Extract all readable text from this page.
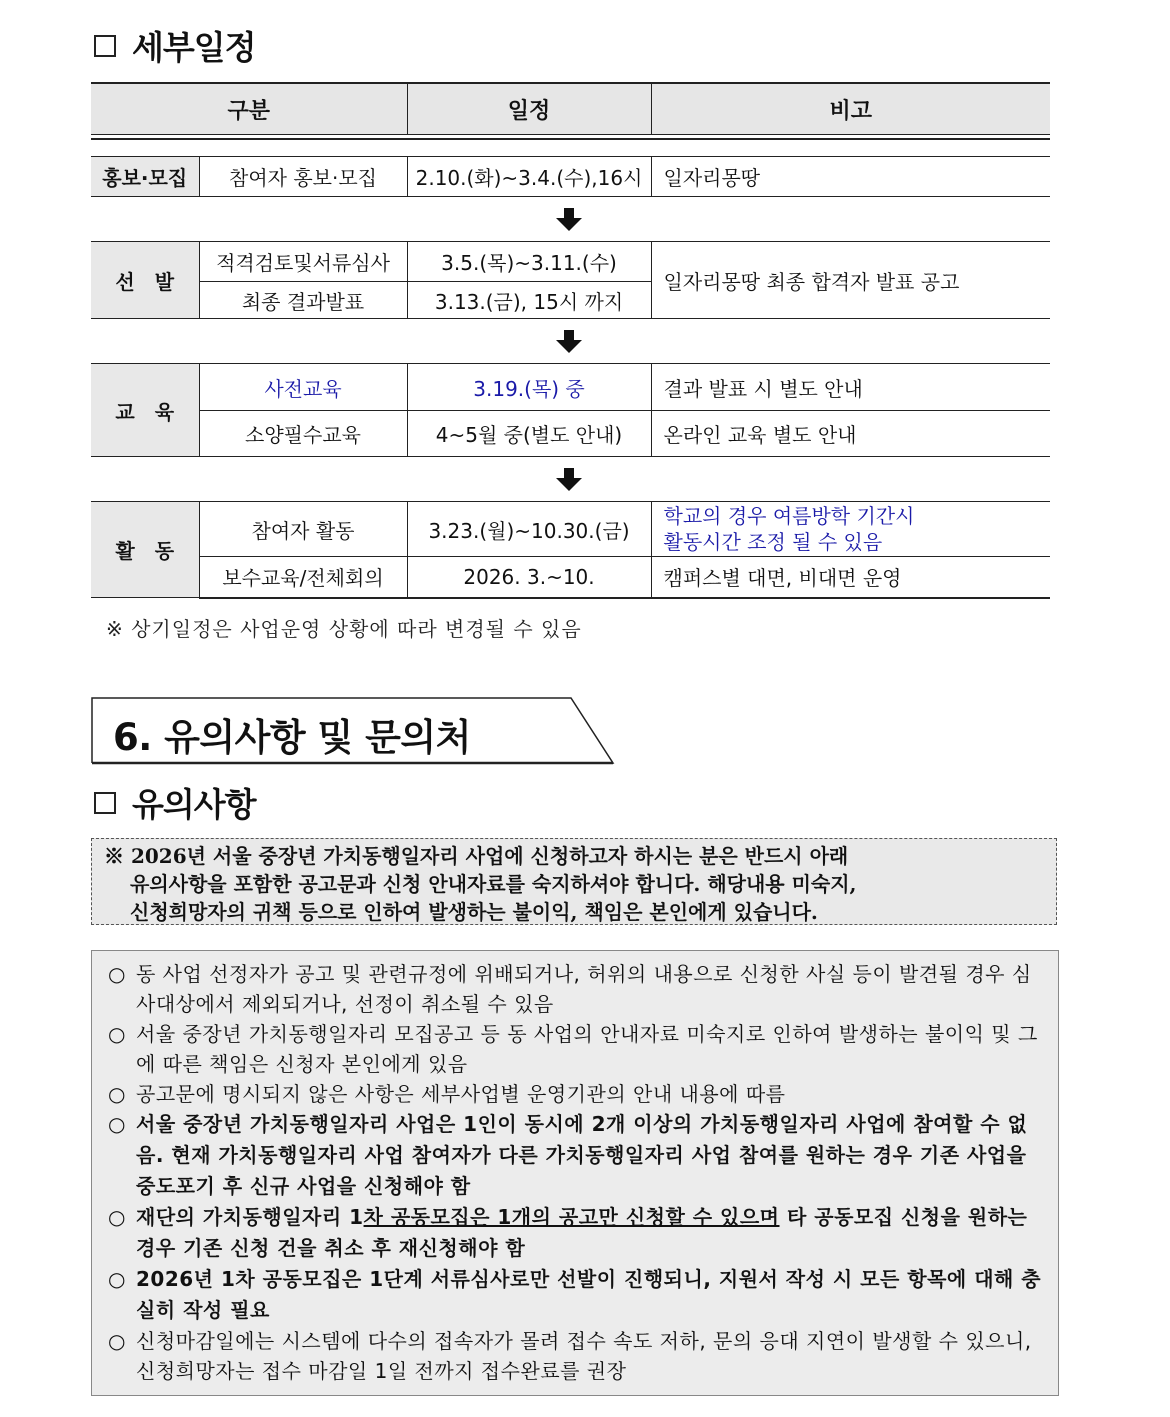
세부일정
구분		일정	비고

홍보·모집	참여자 홍보·모집	2.10.(화)~3.4.(수),16시	일자리몽땅

선　발	적격검토및서류심사	3.5.(목)~3.11.(수)	일자리몽땅 최종 합격자 발표 공고
	최종 결과발표	3.13.(금), 15시 까지	

교　육	사전교육	3.19.(목) 중	결과 발표 시 별도 안내
	소양필수교육	4~5월 중(별도 안내)	온라인 교육 별도 안내

활　동	참여자 활동	3.23.(월)~10.30.(금)	학교의 경우 여름방학 기간시
활동시간 조정 될 수 있음

	보수교육/전체회의	2026. 3.~10.	캠퍼스별 대면, 비대면 운영
※ 상기일정은 사업운영 상황에 따라 변경될 수 있음
6. 유의사항 및 문의처
유의사항
※ 2026년 서울 중장년 가치동행일자리 사업에 신청하고자 하시는 분은 반드시 아래
유의사항을 포함한 공고문과 신청 안내자료를 숙지하셔야 합니다. 해당내용 미숙지,
신청희망자의 귀책 등으로 인하여 발생하는 불이익, 책임은 본인에게 있습니다.
○ 동 사업 선정자가 공고 및 관련규정에 위배되거나, 허위의 내용으로 신청한 사실 등이 발견될 경우 심사대상에서 제외되거나, 선정이 취소될 수 있음
○ 서울 중장년 가치동행일자리 모집공고 등 동 사업의 안내자료 미숙지로 인하여 발생하는 불이익 및 그에 따른 책임은 신청자 본인에게 있음
○ 공고문에 명시되지 않은 사항은 세부사업별 운영기관의 안내 내용에 따름
○ 서울 중장년 가치동행일자리 사업은 1인이 동시에 2개 이상의 가치동행일자리 사업에 참여할 수 없음. 현재 가치동행일자리 사업 참여자가 다른 가치동행일자리 사업 참여를 원하는 경우 기존 사업을 중도포기 후 신규 사업을 신청해야 함
○ 재단의 가치동행일자리 1차 공동모집은 1개의 공고만 신청할 수 있으며 타 공동모집 신청을 원하는 경우 기존 신청 건을 취소 후 재신청해야 함
○ 2026년 1차 공동모집은 1단계 서류심사로만 선발이 진행되니, 지원서 작성 시 모든 항목에 대해 충실히 작성 필요
○ 신청마감일에는 시스템에 다수의 접속자가 몰려 접수 속도 저하, 문의 응대 지연이 발생할 수 있으니, 신청희망자는 접수 마감일 1일 전까지 접수완료를 권장
